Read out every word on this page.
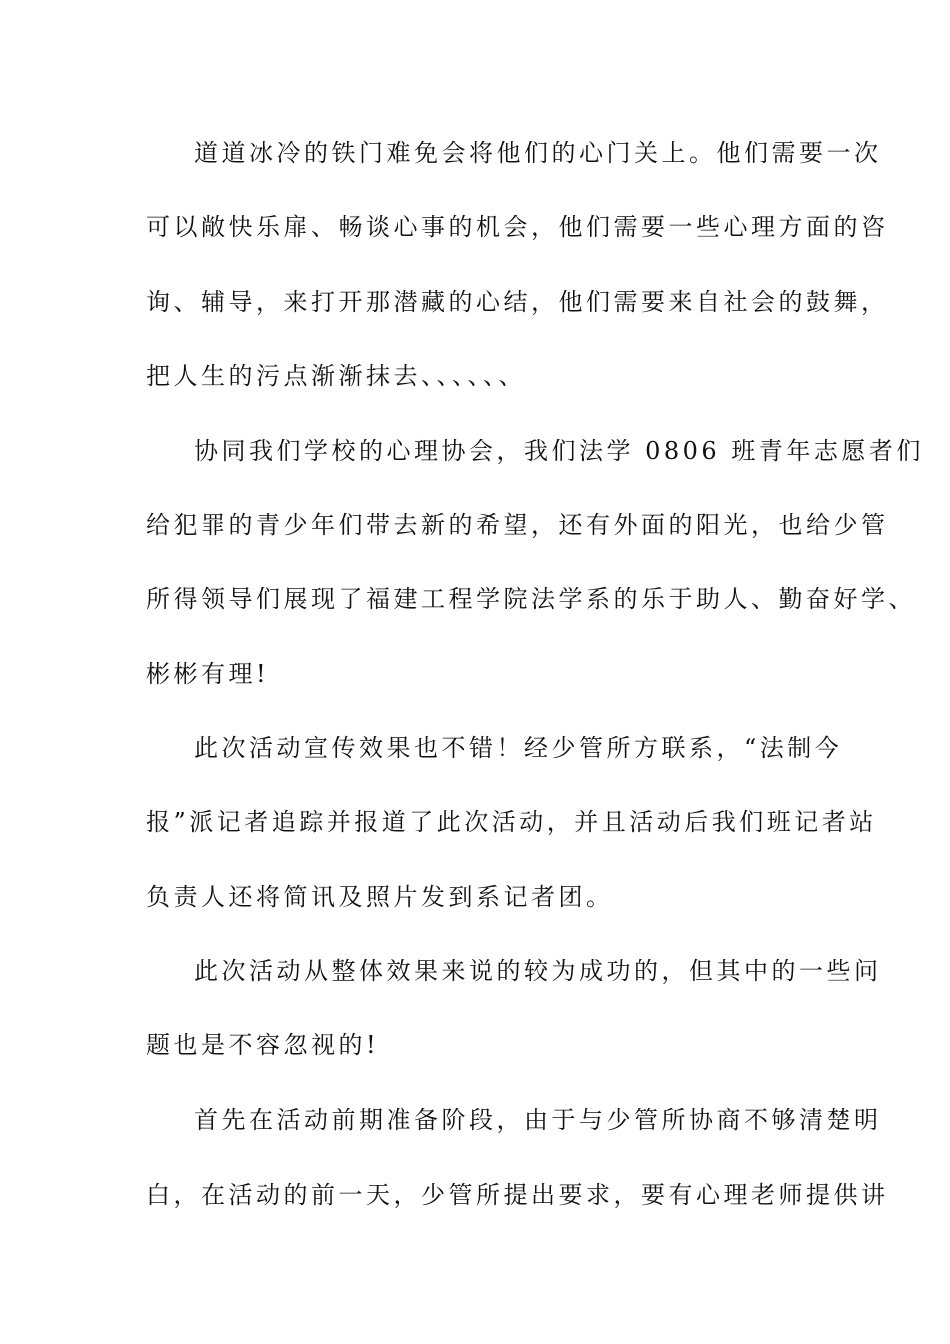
道道冰冷的铁门难免会将他们的心门关上。他们需要一次
可以敞快乐扉、畅谈心事的机会，他们需要一些心理方面的咨
询、辅导，来打开那潜藏的心结，他们需要来自社会的鼓舞，
把人生的污点渐渐抹去、、、、、、
协同我们学校的心理协会，我们法学 0806 班青年志愿者们
给犯罪的青少年们带去新的希望，还有外面的阳光，也给少管
所得领导们展现了福建工程学院法学系的乐于助人、勤奋好学、
彬彬有理!
此次活动宣传效果也不错！经少管所方联系，“法制今
报”派记者追踪并报道了此次活动，并且活动后我们班记者站
负责人还将简讯及照片发到系记者团。
此次活动从整体效果来说的较为成功的，但其中的一些问
题也是不容忽视的!
首先在活动前期准备阶段，由于与少管所协商不够清楚明
白，在活动的前一天，少管所提出要求，要有心理老师提供讲
